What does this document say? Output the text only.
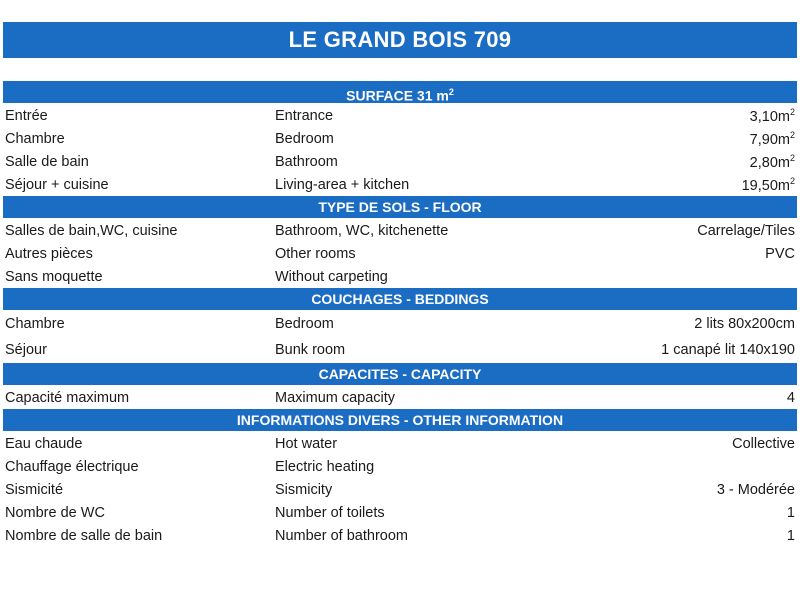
LE GRAND BOIS 709
SURFACE 31 $m^2$
Entrée	Entrance	$3,10m^2$
Chambre	Bedroom	$7,90m^2$
Salle de bain	Bathroom	$2,80m^2$
Séjour + cuisine	Living-area + kitchen	$19,50m^2$
TYPE DE SOLS - FLOOR
Salles de bain,WC, cuisine	Bathroom, WC, kitchenette	Carrelage/Tiles
Autres pièces	Other rooms	PVC
Sans moquette	Without carpeting
COUCHAGES - BEDDINGS
Chambre	Bedroom	2 lits 80x200cm
Séjour	Bunk room	1 canapé lit 140x190
CAPACITES - CAPACITY
Capacité maximum	Maximum capacity	4
INFORMATIONS DIVERS - OTHER INFORMATION
Eau chaude	Hot water	Collective
Chauffage électrique	Electric heating
Sismicité	Sismicity	3 - Modérée
Nombre de WC	Number of toilets	1
Nombre de salle de bain	Number of bathroom	1
